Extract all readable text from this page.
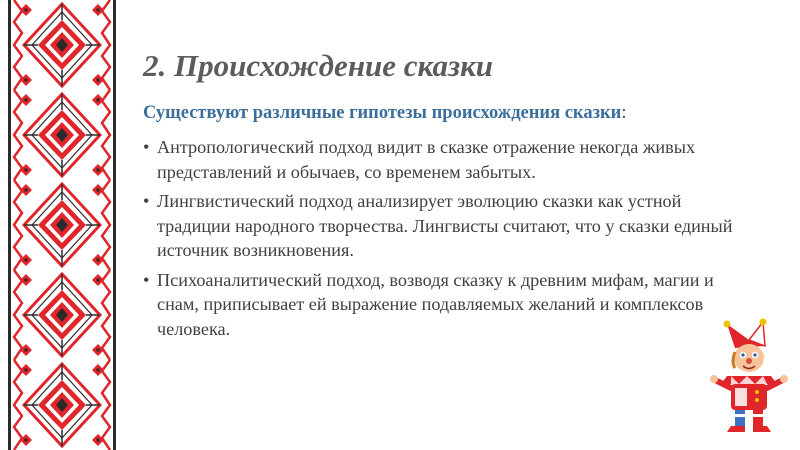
2. Происхождение сказки

Существуют различные гипотезы происхождения сказки:

• Антропологический подход видит в сказке отражение некогда живых представлений и обычаев, со временем забытых.
• Лингвистический подход анализирует эволюцию сказки как устной традиции народного творчества. Лингвисты считают, что у сказки единый источник возникновения.
• Психоаналитический подход, возводя сказку к древним мифам, магии и снам, приписывает ей выражение подавляемых желаний и комплексов человека.
